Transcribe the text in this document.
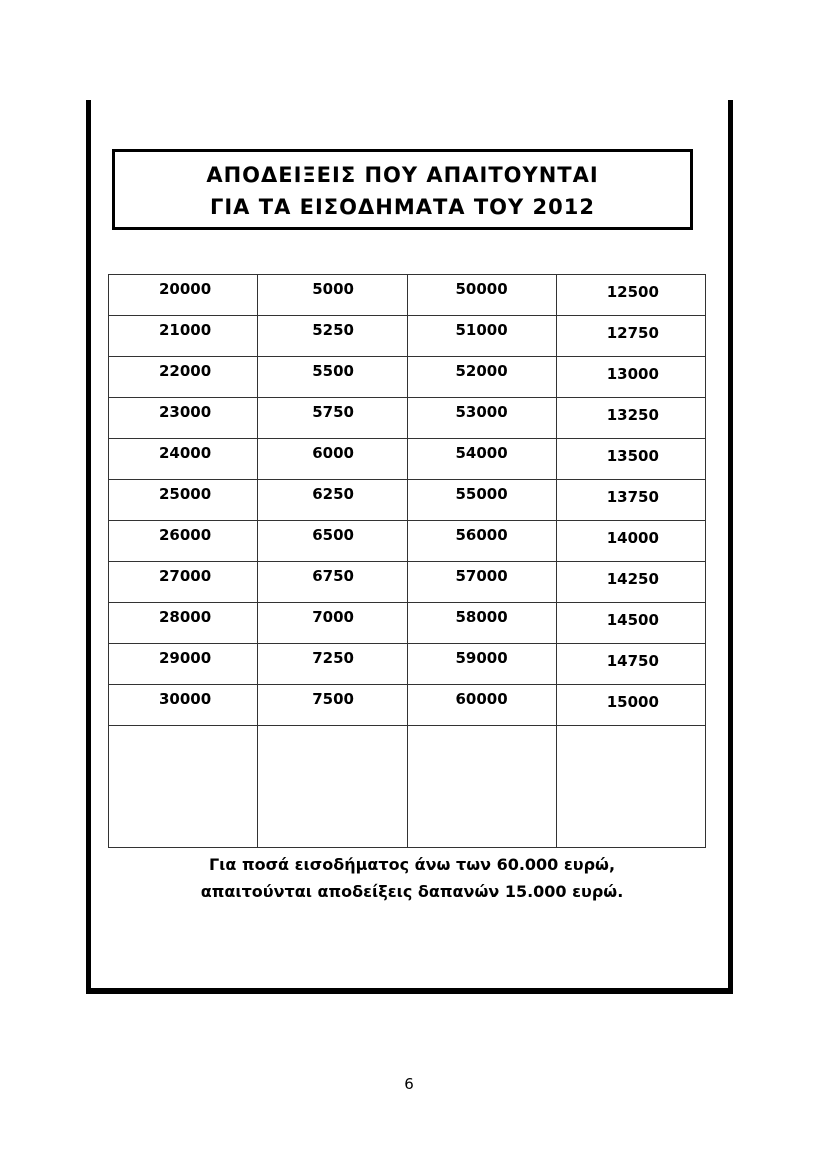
ΑΠΟΔΕΙΞΕΙΣ ΠΟΥ ΑΠΑΙΤΟΥΝΤΑΙ
ΓΙΑ ΤΑ ΕΙΣΟΔΗΜΑΤΑ ΤΟΥ 2012
20000	5000	50000	12500

21000	5250	51000	12750

22000	5500	52000	13000

23000	5750	53000	13250

24000	6000	54000	13500

25000	6250	55000	13750

26000	6500	56000	14000

27000	6750	57000	14250

28000	7000	58000	14500

29000	7250	59000	14750

30000	7500	60000	15000

Για ποσά εισοδήματος άνω των 60.000 ευρώ,
απαιτούνται αποδείξεις δαπανών 15.000 ευρώ.
6
